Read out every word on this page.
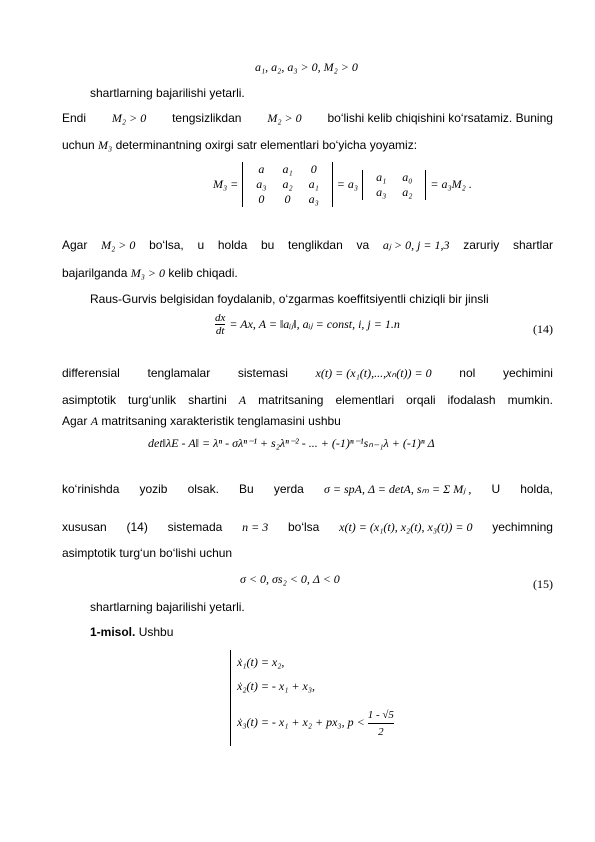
a₁, a₂, a₃ > 0, M₂ > 0
shartlarning bajarilishi yetarli.
Endi M₂ > 0 tengsizlikdan M₂ > 0 bo‘lishi kelib chiqishini ko‘rsatamiz. Buning
uchun M₃ determinantning oxirgi satr elementlari bo‘yicha yoyamiz:
M₃ =
a	a₁	0
a₃	a₂	a₁
0	0	a₃
= a₃
a₁	a₀
a₃	a₂
= a₃M₂ .
Agar M₂ > 0 bo‘lsa, u holda bu tenglikdan va aⱼ > 0, j = 1,3 zaruriy shartlar
bajarilganda M₃ > 0 kelib chiqadi.
Raus-Gurvis belgisidan foydalanib, o‘zgarmas koeffitsiyentli chiziqli bir jinsli
$\frac{dx}{dt} = Ax$, A = ‖aᵢⱼ‖, aᵢⱼ = const, i, j = 1.n	(14)
differensial tenglamalar sistemasi x(t) = (x₁(t),...,xₙ(t)) = 0 nol yechimini
asimptotik turg‘unlik shartini A matritsaning elementlari orqali ifodalash mumkin.
Agar A matritsaning xarakteristik tenglamasini ushbu
det‖λE - A‖ = λⁿ - σλⁿ⁻¹ + s₂λⁿ⁻² - ... + (-1)ⁿ⁻¹sₙ₋₁λ + (-1)ⁿ Δ
ko‘rinishda yozib olsak. Bu yerda σ = spA, Δ = detA, sₘ = Σ Mⱼ , U holda,
xususan (14) sistemada n = 3 bo‘lsa x(t) = (x₁(t), x₂(t), x₃(t)) = 0 yechimning
asimptotik turg‘un bo‘lishi uchun
σ < 0, σs₂ < 0, Δ < 0	(15)
shartlarning bajarilishi yetarli.
1-misol. Ushbu
ẋ₁(t) = x₂,
ẋ₂(t) = - x₁ + x₃,
ẋ₃(t) = - x₁ + x₂ + px₃, $p < \frac{1 - √5}{2}$
